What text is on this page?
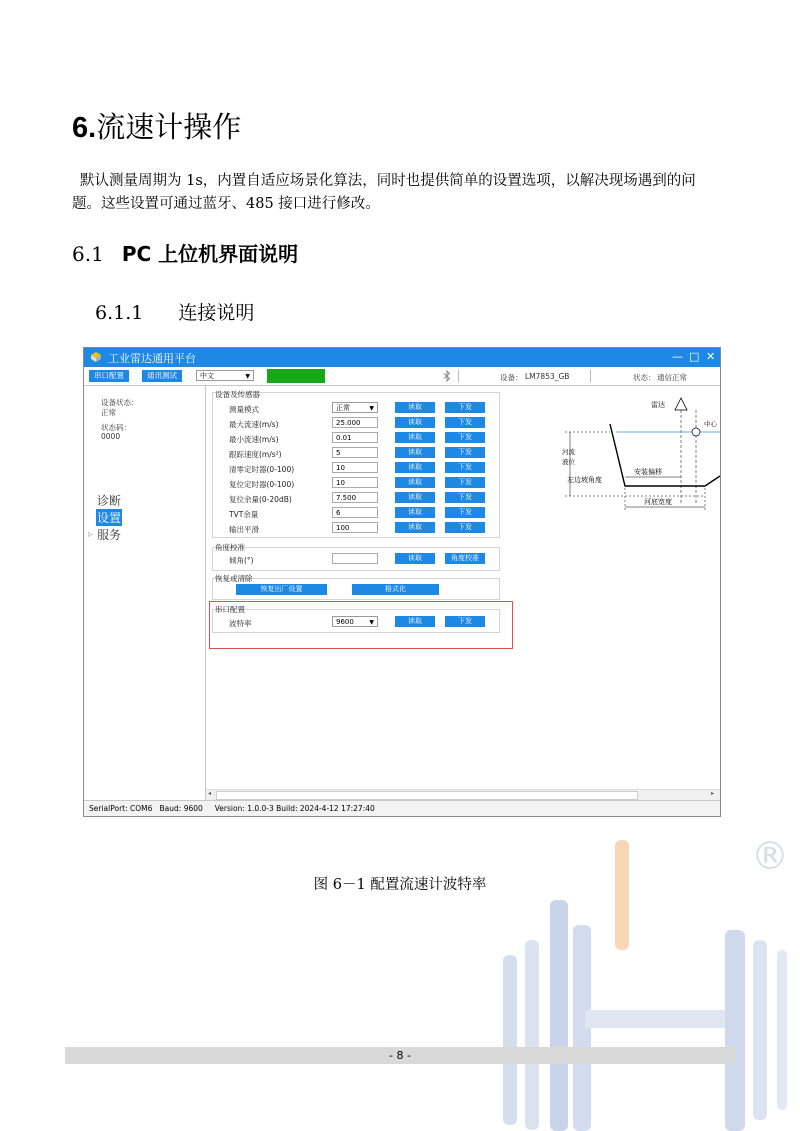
®
6.流速计操作
默认测量周期为 1s，内置自适应场景化算法，同时也提供简单的设置选项，以解决现场遇到的问题。这些设置可通过蓝牙、485 接口进行修改。
6.1 PC 上位机界面说明
6.1.1 连接说明
工业雷达通用平台	— □ ✕
串口配置	通讯测试	中文	▼	设备： LM7853_GB	状态： 通信正常
设备状态：
正常
状态码：
0000
诊断
设置
▷ 服务
设备及传感器
测量模式	正常	▼	读取	下发
最大流速(m/s)	25.000	读取	下发
最小流速(m/s)	0.01	读取	下发
跟踪速度(m/s²)	5	读取	下发
清零定时器(0-100)	10	读取	下发
复位定时器(0-100)	10	读取	下发
复位余量(0-20dB)	7.500	读取	下发
TVT余量	6	读取	下发
输出平滑	100	读取	下发
角度校准
倾角(°)	读取	角度校准
恢复或清除
恢复出厂设置	格式化
串口配置
波特率	9600	▼	读取	下发
雷达
中心
河流
液位
左边坡角度
安装偏移
河底宽度
◂	▸
SerialPort: COM6   Baud: 9600     Version: 1.0.0-3 Build: 2024-4-12 17:27:40
图 6－1 配置流速计波特率
- 8 -
